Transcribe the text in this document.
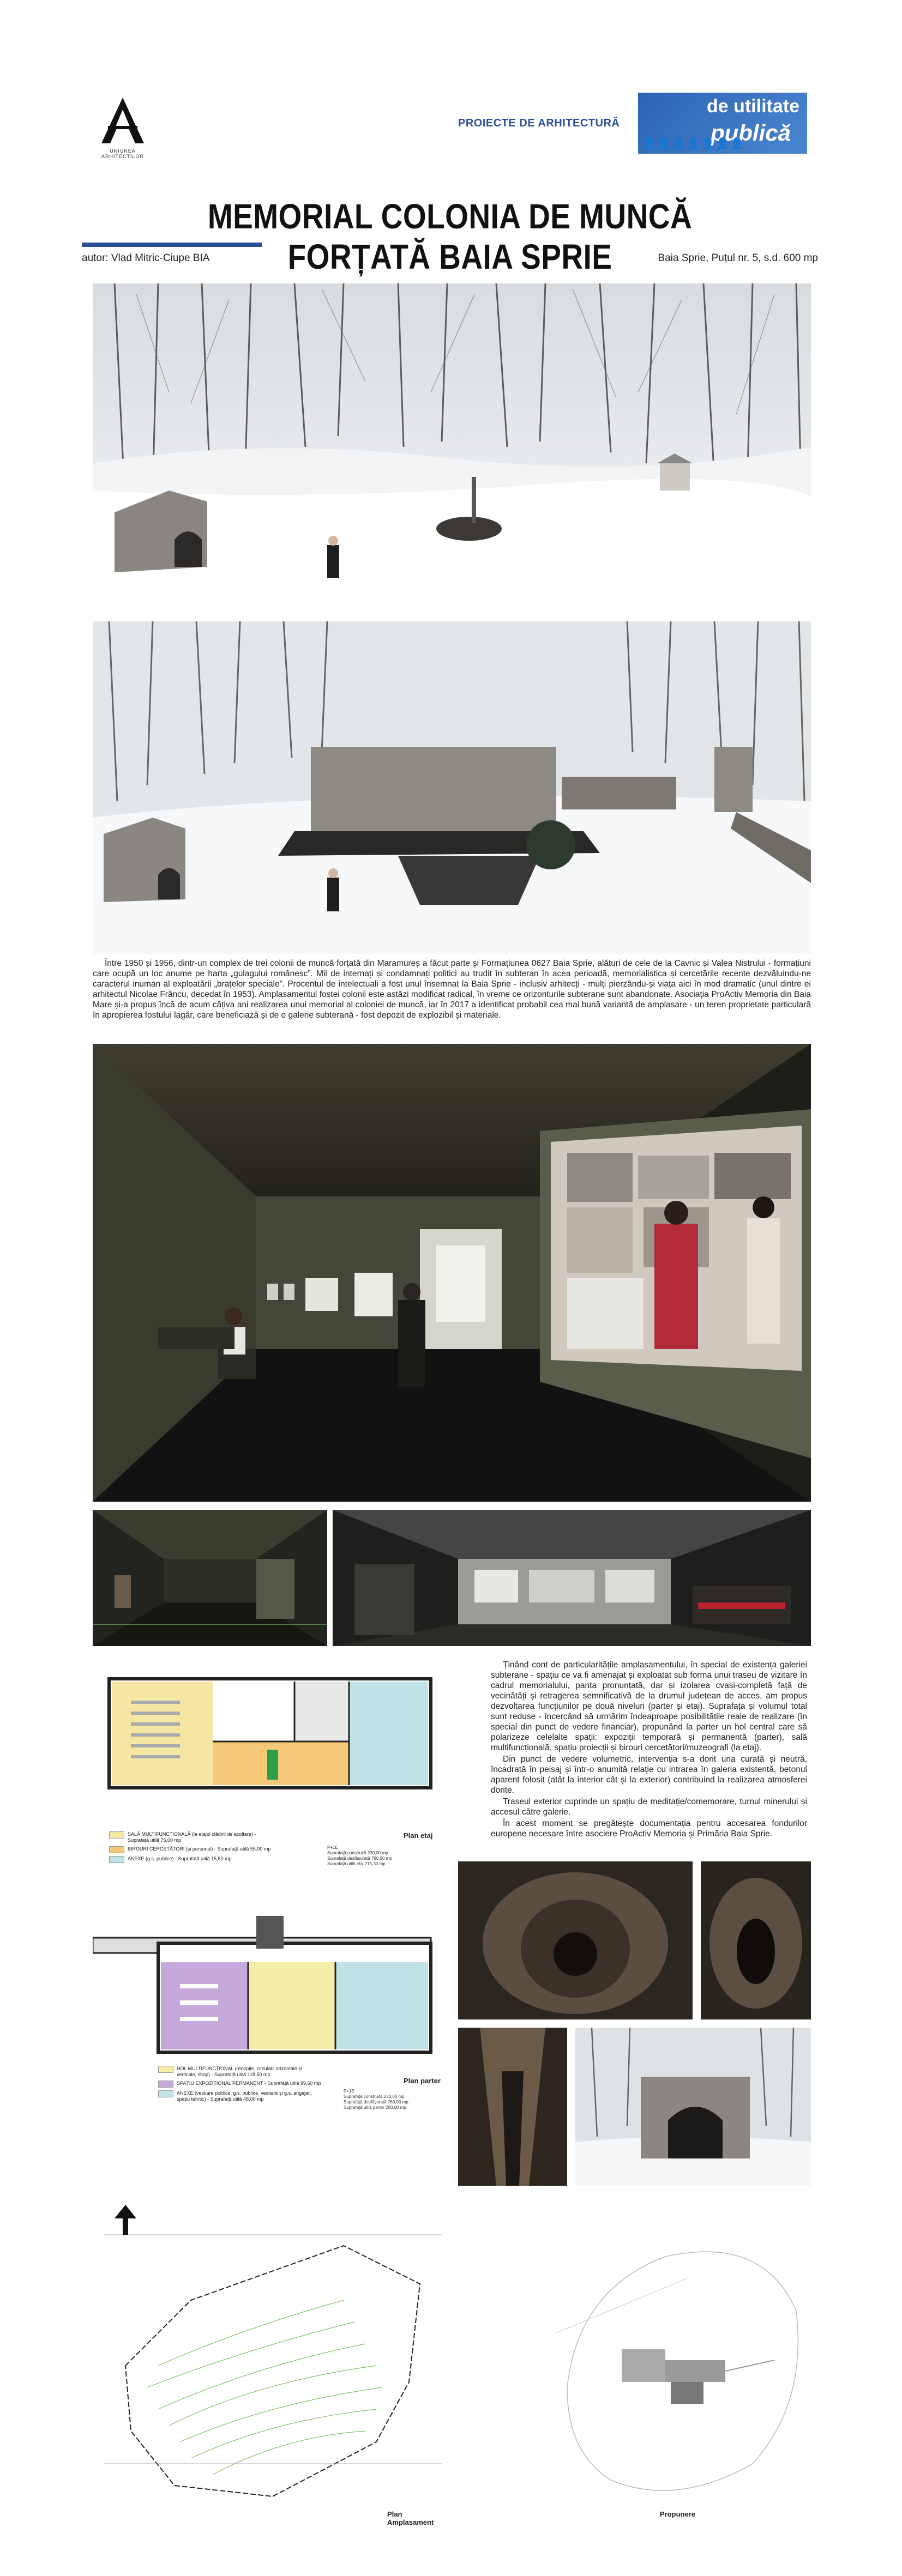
UNIUNEA ARHITECTILOR
PROIECTE DE ARHITECTURĂ
de utilitate
publică
👤👤👤👤👤👤👤
MEMORIAL COLONIA DE MUNCĂ FORȚATĂ BAIA SPRIE
autor: Vlad Mitric-Ciupe BIA	Baia Sprie, Puțul nr. 5, s.d. 600 mp

Între 1950 și 1956, dintr-un complex de trei colonii de muncă forțată din Maramureș a făcut parte și Formațiunea 0627 Baia Sprie, alături de cele de la Cavnic și Valea Nistrului - formațiuni care ocupă un loc anume pe harta „gulagului românesc”. Mii de internați și condamnați politici au trudit în subteran în acea perioadă, memorialistica și cercetările recente dezvăluindu-ne caracterul inuman al exploatării „brațelor speciale”. Procentul de intelectuali a fost unul însemnat la Baia Sprie - inclusiv arhitecți - mulți pierzându-și viața aici în mod dramatic (unul dintre ei arhitectul Nicolae Frâncu, decedat în 1953). Amplasamentul fostei colonii este astăzi modificat radical, în vreme ce orizonturile subterane sunt abandonate. Asociația ProActiv Memoria din Baia Mare și-a propus încă de acum câțiva ani realizarea unui memorial al coloniei de muncă, iar în 2017 a identificat probabil cea mai bună variantă de amplasare - un teren proprietate particulară în apropierea fostului lagăr, care beneficiază și de o galerie subterană - fost depozit de explozibil și materiale.

SALĂ MULTIFUNCȚIONALĂ (la etajul clădirii de acoltare) - Suprafață utilă 75,00 mp
BIROURI CERCETĂTORI (și personal) - Suprafață utilă 55,00 mp
ANEXE (g.s. publice) - Suprafață utilă 15,50 mp
Plan etaj
P+1E
Suprafață construită 230,00 mp
Suprafață desfășurată 760,00 mp
Suprafață utilă etaj 215,30 mp
HOL MULTIFUNCȚIONAL (recepție, circulații orizontale și verticale, shop) - Suprafață utilă 118,50 mp
SPAȚIU EXPOZIȚIONAL PERMANENT - Suprafață utilă 99,60 mp
ANEXE (vestiare publice, g.s. publice, vestiare și g.s. angajați, spațiu tehnic) - Suprafață utilă 48,00 mp
Plan parter
P+1E
Suprafață construită 230,00 mp
Suprafață desfășurată 760,00 mp
Suprafață utilă parter 200,00 mp

Ținând cont de particularitățile amplasamentului, în special de existența galeriei subterane - spațiu ce va fi amenajat și exploatat sub forma unui traseu de vizitare în cadrul memorialului, panta pronunțată, dar și izolarea cvasi-completă față de vecinătăți și retragerea semnificativă de la drumul județean de acces, am propus dezvoltarea funcțiunilor pe două niveluri (parter și etaj). Suprafața și volumul total sunt reduse - încercând să urmărim îndeaproape posibilitățile reale de realizare (în special din punct de vedere financiar), propunând la parter un hol central care să polarizeze celelalte spații: expoziții temporară și permanentă (parter), sală multifuncțională, spațiu proiecții și birouri cercetători/muzeografi (la etaj).

Din punct de vedere volumetric, intervenția s-a dorit una curată și neutră, încadrată în peisaj și într-o anumită relație cu intrarea în galeria existentă, betonul aparent folosit (atât la interior cât și la exterior) contribuind la realizarea atmosferei dorite.

Traseul exterior cuprinde un spațiu de meditație/comemorare, turnul minerului și accesul către galerie.

În acest moment se pregătește documentația pentru accesarea fondurilor europene necesare între asociere ProActiv Memoria și Primăria Baia Sprie.

Plan Amplasament
Propunere
